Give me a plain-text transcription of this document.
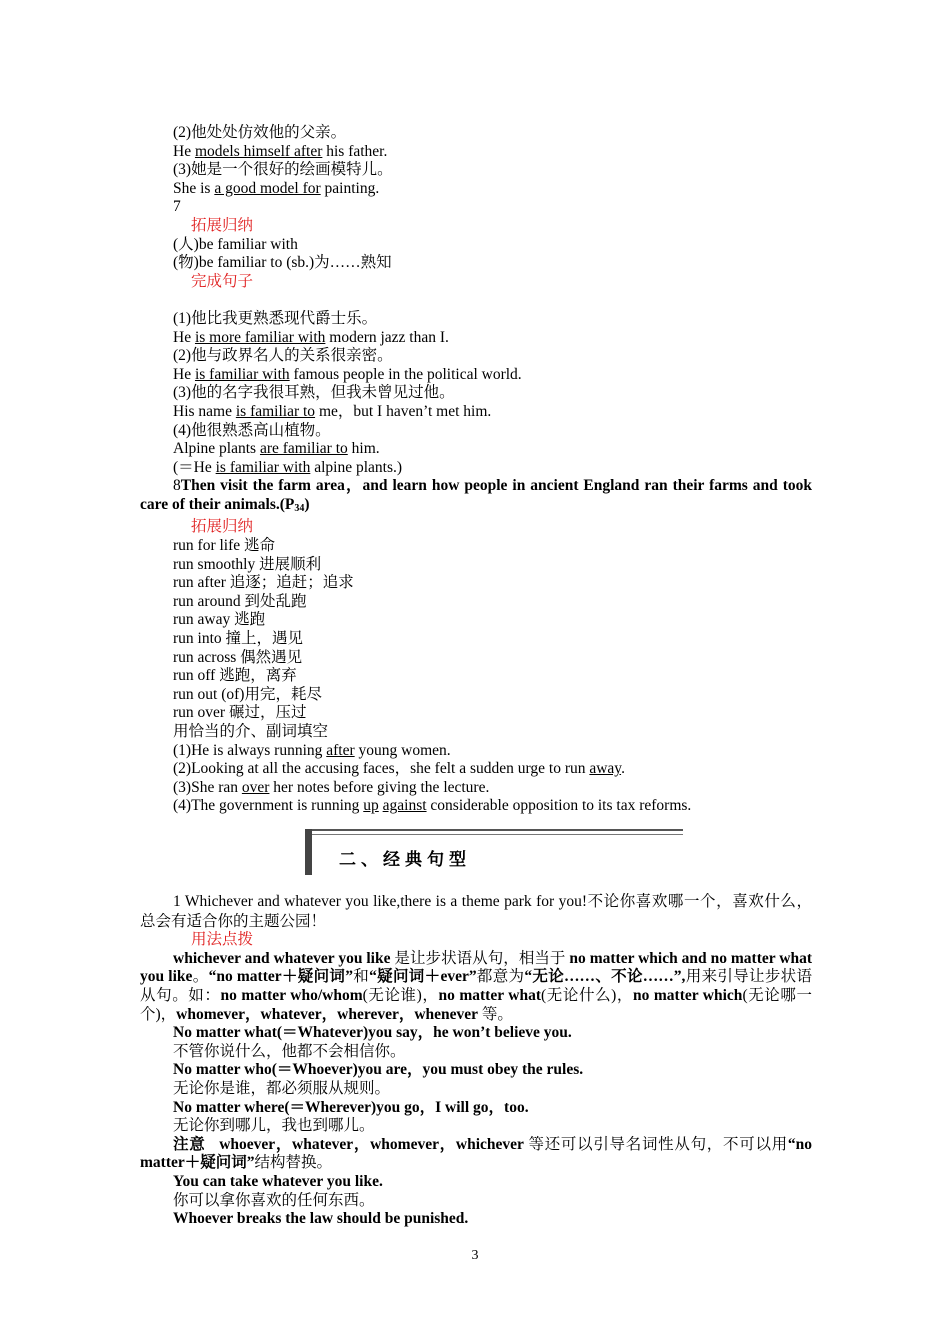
(2)他处处仿效他的父亲。
He models himself after his father.
(3)她是一个很好的绘画模特儿。
She is a good model for painting.
7
拓展归纳
(人)be familiar with
(物)be familiar to (sb.)为……熟知
完成句子
(1)他比我更熟悉现代爵士乐。
He is more familiar with modern jazz than I.
(2)他与政界名人的关系很亲密。
He is familiar with famous people in the political world.
(3)他的名字我很耳熟，但我未曾见过他。
His name is familiar to me，but I haven’t met him.
(4)他很熟悉高山植物。
Alpine plants are familiar to him.
(＝He is familiar with alpine plants.)
8Then visit the farm area，and learn how people in ancient England ran their farms and took care of their $animals.(P_{34})$
拓展归纳
run for life 逃命
run smoothly 进展顺利
run after 追逐；追赶；追求
run around 到处乱跑
run away 逃跑
run into 撞上，遇见
run across 偶然遇见
run off 逃跑，离弃
run out (of)用完，耗尽
run over 碾过，压过
用恰当的介、副词填空
(1)He is always running after young women.
(2)Looking at all the accusing faces，she felt a sudden urge to run away.
(3)She ran over her notes before giving the lecture.
(4)The government is running up against considerable opposition to its tax reforms.
二、经典句型
1 Whichever and whatever you like,there is a theme park for you!不论你喜欢哪一个，喜欢什么，总会有适合你的主题公园！
用法点拨
whichever and whatever you like 是让步状语从句，相当于 no matter which and no matter what you like。“no matter＋疑问词”和“疑问词＋ever”都意为“无论……、不论……”,用来引导让步状语从句。如：no matter who/whom(无论谁)，no matter what(无论什么)，no matter which(无论哪一个)，whomever，whatever，wherever，whenever 等。
No matter what(＝Whatever)you say，he won’t believe you.
不管你说什么，他都不会相信你。
No matter who(＝Whoever)you are，you must obey the rules.
无论你是谁，都必须服从规则。
No matter where(＝Wherever)you go，I will go，too.
无论你到哪儿，我也到哪儿。
注意 whoever，whatever，whomever，whichever 等还可以引导名词性从句，不可以用“no matter＋疑问词”结构替换。
You can take whatever you like.
你可以拿你喜欢的任何东西。
Whoever breaks the law should be punished.
3
